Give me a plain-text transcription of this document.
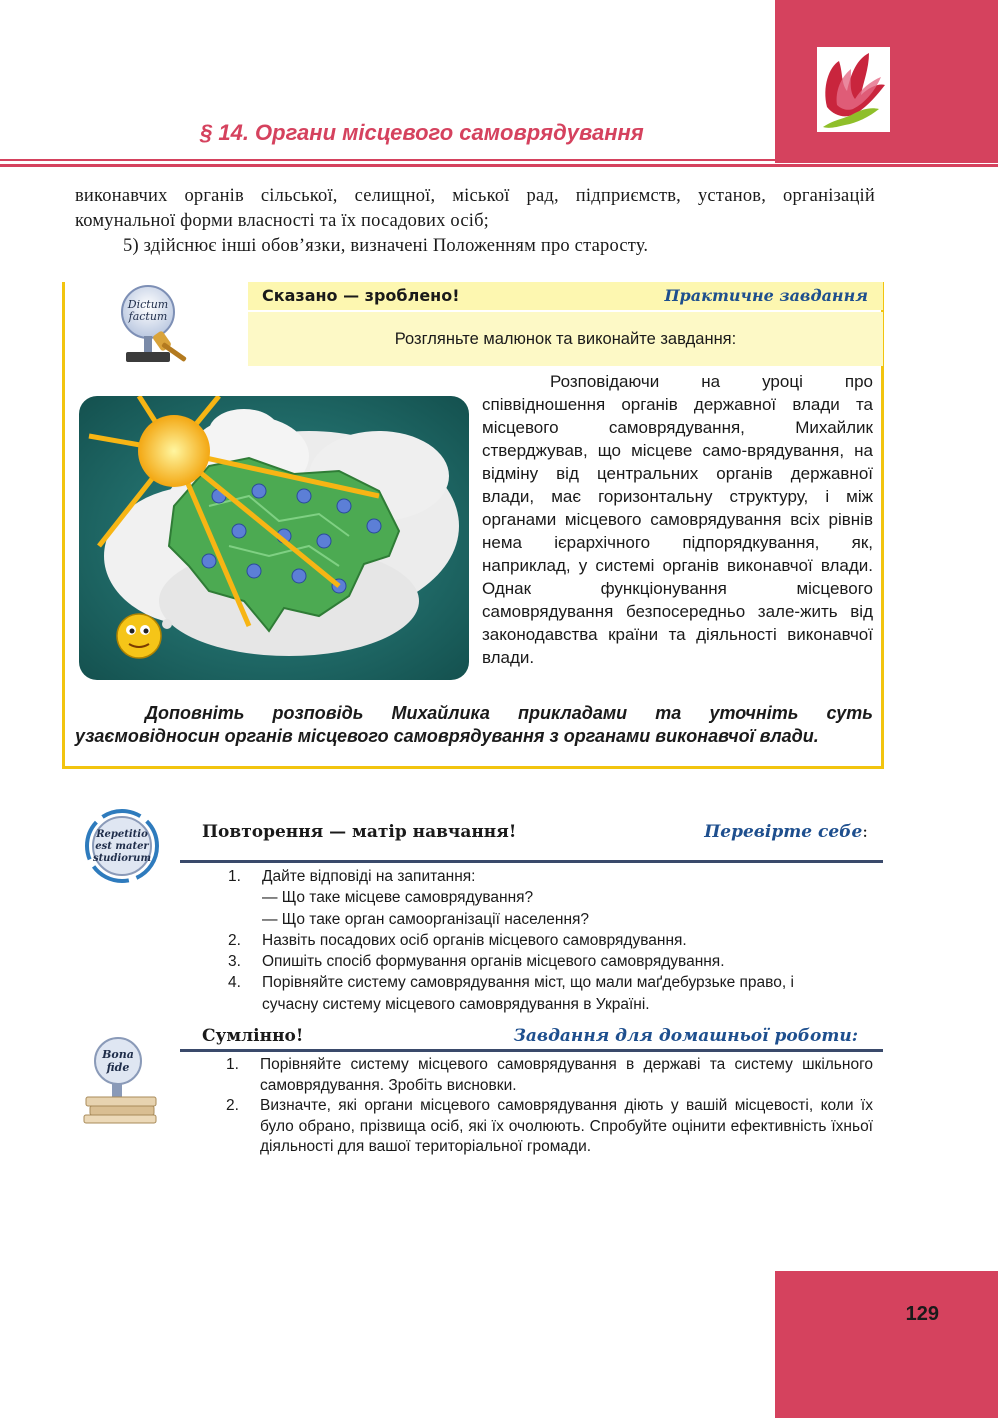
§ 14. Органи місцевого самоврядування

виконавчих органів сільської, селищної, міської рад, підприємств, установ, організацій комунальної форми власності та їх посадових осіб;

5) здійснює інші обов’язки, визначені Положенням про старосту.

Dictum
factum
Сказано — зроблено!	Практичне завдання
Розгляньте малюнок та виконайте завдання:

Розповідаючи на уроці про співвідношення органів державної влади та місцевого самоврядування, Михайлик стверджував, що місцеве само-врядування, на відміну від центральних органів державної влади, має горизонтальну структуру, і між органами місцевого самоврядування всіх рівнів нема ієрархічного підпорядкування, як, наприклад, у системі органів виконавчої влади. Однак функціонування місцевого самоврядування безпосередньо зале-жить від законодавства країни та діяльності виконавчої влади.

Доповніть розповідь Михайлика прикладами та уточніть суть узаємовідносин органів місцевого самоврядування з органами виконавчої влади.

Repetitio
est mater
studiorum
Повторення — матір навчання!	Перевірте себе:
1. Дайте відповіді на запитання:
— Що таке місцеве самоврядування?
— Що таке орган самоорганізації населення?
2. Назвіть посадових осіб органів місцевого самоврядування.
3. Опишіть спосіб формування органів місцевого самоврядування.
4. Порівняйте систему самоврядування міст, що мали маґдебурзьке право, і сучасну систему місцевого самоврядування в Україні.
Bona
fide
Сумлінно!	Завдання для домашньої роботи:
1. Порівняйте систему місцевого самоврядування в державі та систему шкільного самоврядування. Зробіть висновки.
2. Визначте, які органи місцевого самоврядування діють у вашій місцевості, коли їх було обрано, прізвища осіб, які їх очолюють. Спробуйте оцінити ефективність їхньої діяльності для вашої територіальної громади.
129
